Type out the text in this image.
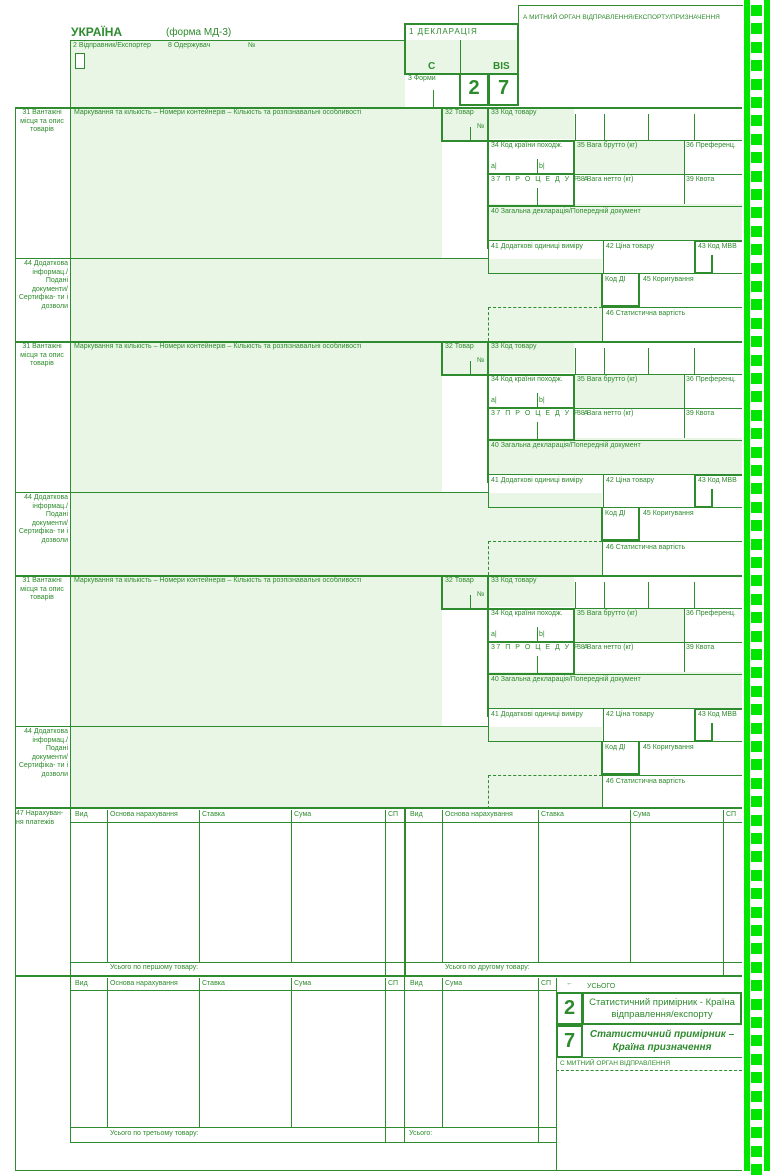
УКРАЇНА	(форма МД-3)
А МИТНИЙ ОРГАН ВІДПРАВЛЕННЯ/ЕКСПОРТУ/ПРИЗНАЧЕННЯ
2 Відправник/Експортер 8 Одержувач	№
1 ДЕКЛАРАЦІЯ
C	BIS
3 Форми	2 7
31 Вантажні місця та опис товарів
44 Додаткова інформац./ Подані документи/ Сертифіка- ти і дозволи
Маркування та кількість – Номери контейнерів – Кількість та розпізнавальні особливості	32 Товар
№
33 Код товару
34 Код країни походж.
a|	b|
35 Вага брутто (кг)	36 Преференц.
37 П Р О Ц Е Д У Р А
38 Вага нетто (кг)	39 Квота
40 Загальна декларація/Попередній документ
41 Додаткові одиниці виміру	42 Ціна товару	43 Код МВВ
Код ДІ 45 Коригування
46 Статистична вартість
31 Вантажні місця та опис товарів
44 Додаткова інформац./ Подані документи/ Сертифіка- ти і дозволи
Маркування та кількість – Номери контейнерів – Кількість та розпізнавальні особливості	32 Товар
№
33 Код товару
34 Код країни походж.
a|	b|
35 Вага брутто (кг)	36 Преференц.
37 П Р О Ц Е Д У Р А
38 Вага нетто (кг)	39 Квота
40 Загальна декларація/Попередній документ
41 Додаткові одиниці виміру	42 Ціна товару	43 Код МВВ
Код ДІ 45 Коригування
46 Статистична вартість
31 Вантажні місця та опис товарів
44 Додаткова інформац./ Подані документи/ Сертифіка- ти і дозволи
Маркування та кількість – Номери контейнерів – Кількість та розпізнавальні особливості	32 Товар
№
33 Код товару
34 Код країни походж.
a|	b|
35 Вага брутто (кг)	36 Преференц.
37 П Р О Ц Е Д У Р А
38 Вага нетто (кг)	39 Квота
40 Загальна декларація/Попередній документ
41 Додаткові одиниці виміру	42 Ціна товару	43 Код МВВ
Код ДІ 45 Коригування
46 Статистична вартість
47 Нарахуван- ня платежів
Вид	Основа нарахування	Ставка	Сума	СП
Усього по першому товару:
Вид	Основа нарахування	Ставка	Сума	СП
Усього по другому товару:
Вид	Основа нарахування	Ставка	Сума	СП
Усього по третьому товару:
Вид	Сума	СП
Усього:
← УСЬОГО
2	Статистичний примірник - Країна відправлення/експорту
7	Статистичний примірник – Країна призначення
С МИТНИЙ ОРГАН ВІДПРАВЛЕННЯ
